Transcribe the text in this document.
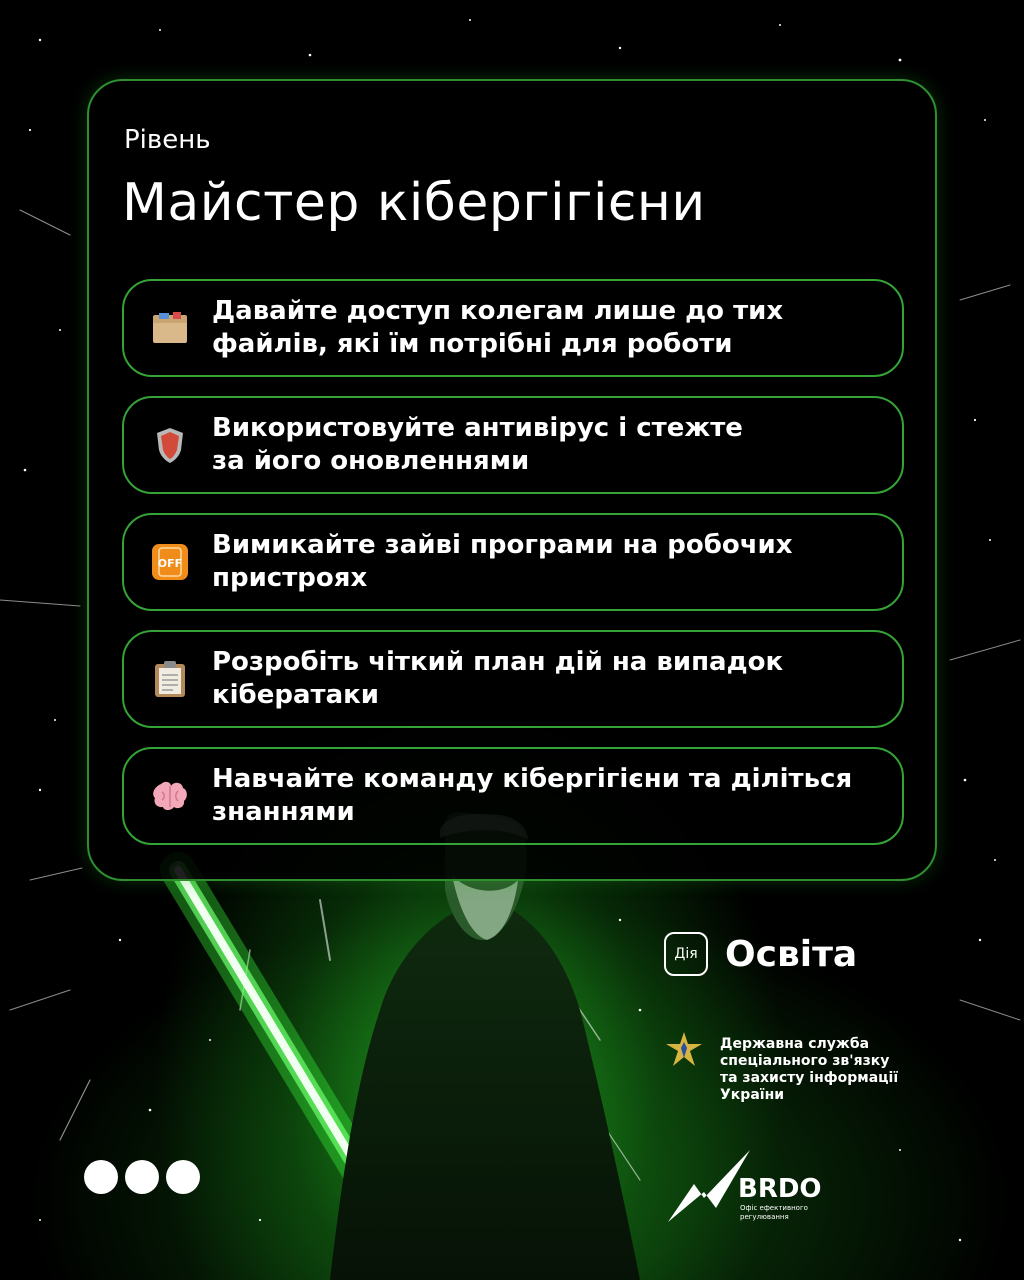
Рівень

Майстер кібергігієни
Давайте доступ колегам лише до тих
файлів, які їм потрібні для роботи
Використовуйте антивірус і стежте
за його оновленнями
OFF
Вимикайте зайві програми на робочих
пристроях
Розробіть чіткий план дій на випадок
кібератаки
Навчайте команду кібергігієни та діліться
знаннями
Дія Освіта
Державна служба
спеціального зв'язку
та захисту інформації
України
BRDO
Офіс ефективного регулювання
